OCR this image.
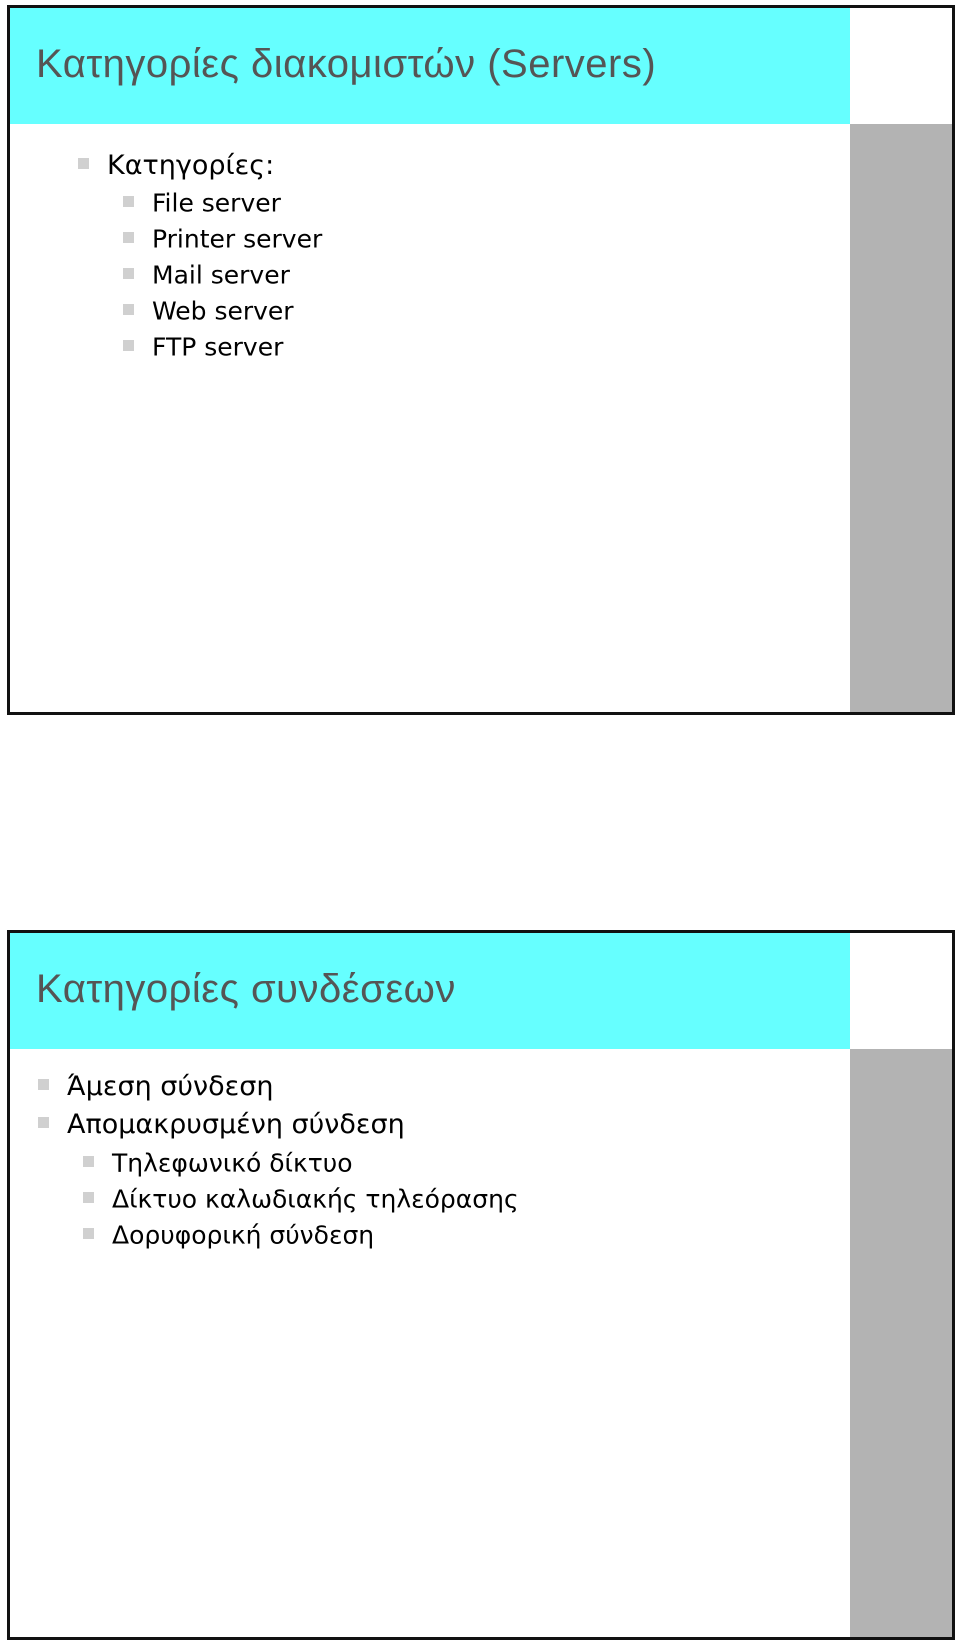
Κατηγορίες διακομιστών (Servers)
Κατηγορίες:
File server
Printer server
Mail server
Web server
FTP server
Κατηγορίες συνδέσεων
Άμεση σύνδεση
Απομακρυσμένη σύνδεση
Τηλεφωνικό δίκτυο
Δίκτυο καλωδιακής τηλεόρασης
Δορυφορική σύνδεση
